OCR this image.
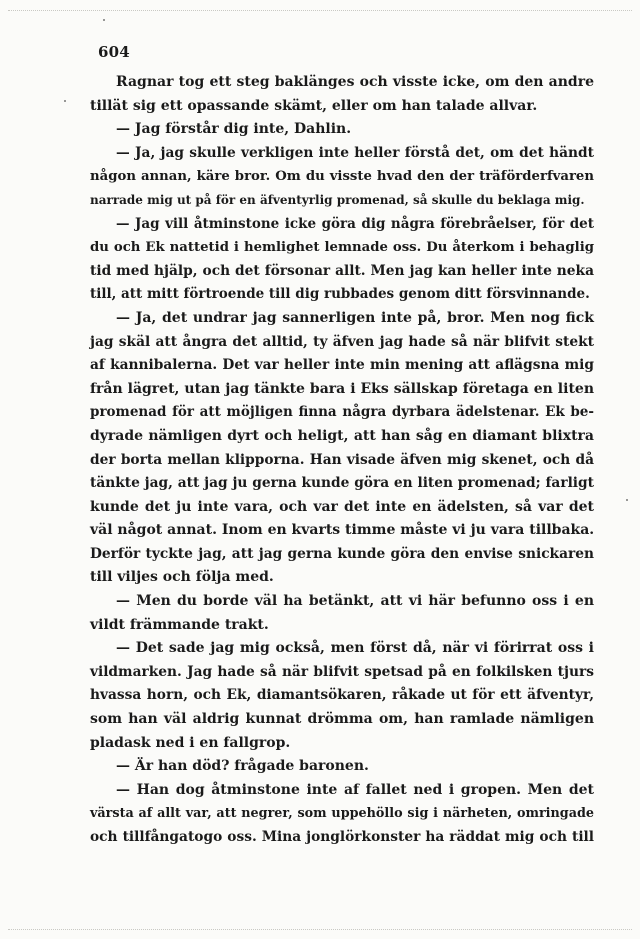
604
Ragnar tog ett steg baklänges och visste icke, om den andre
tillät sig ett opassande skämt, eller om han talade allvar.
— Jag förstår dig inte, Dahlin.
— Ja, jag skulle verkligen inte heller förstå det, om det händt
någon annan, käre bror. Om du visste hvad den der träförderfvaren
narrade mig ut på för en äfventyrlig promenad, så skulle du beklaga mig.
— Jag vill åtminstone icke göra dig några förebråelser, för det
du och Ek nattetid i hemlighet lemnade oss. Du återkom i behaglig
tid med hjälp, och det försonar allt. Men jag kan heller inte neka
till, att mitt förtroende till dig rubbades genom ditt försvinnande.
— Ja, det undrar jag sannerligen inte på, bror. Men nog fick
jag skäl att ångra det alltid, ty äfven jag hade så när blifvit stekt
af kannibalerna. Det var heller inte min mening att aflägsna mig
från lägret, utan jag tänkte bara i Eks sällskap företaga en liten
promenad för att möjligen finna några dyrbara ädelstenar. Ek be-
dyrade nämligen dyrt och heligt, att han såg en diamant blixtra
der borta mellan klipporna. Han visade äfven mig skenet, och då
tänkte jag, att jag ju gerna kunde göra en liten promenad; farligt
kunde det ju inte vara, och var det inte en ädelsten, så var det
väl något annat. Inom en kvarts timme måste vi ju vara tillbaka.
Derför tyckte jag, att jag gerna kunde göra den envise snickaren
till viljes och följa med.
— Men du borde väl ha betänkt, att vi här befunno oss i en
vildt främmande trakt.
— Det sade jag mig också, men först då, när vi förirrat oss i
vildmarken. Jag hade så när blifvit spetsad på en folkilsken tjurs
hvassa horn, och Ek, diamantsökaren, råkade ut för ett äfventyr,
som han väl aldrig kunnat drömma om, han ramlade nämligen
pladask ned i en fallgrop.
— Är han död? frågade baronen.
— Han dog åtminstone inte af fallet ned i gropen. Men det
värsta af allt var, att negrer, som uppehöllo sig i närheten, omringade
och tillfångatogo oss. Mina jonglörkonster ha räddat mig och till
